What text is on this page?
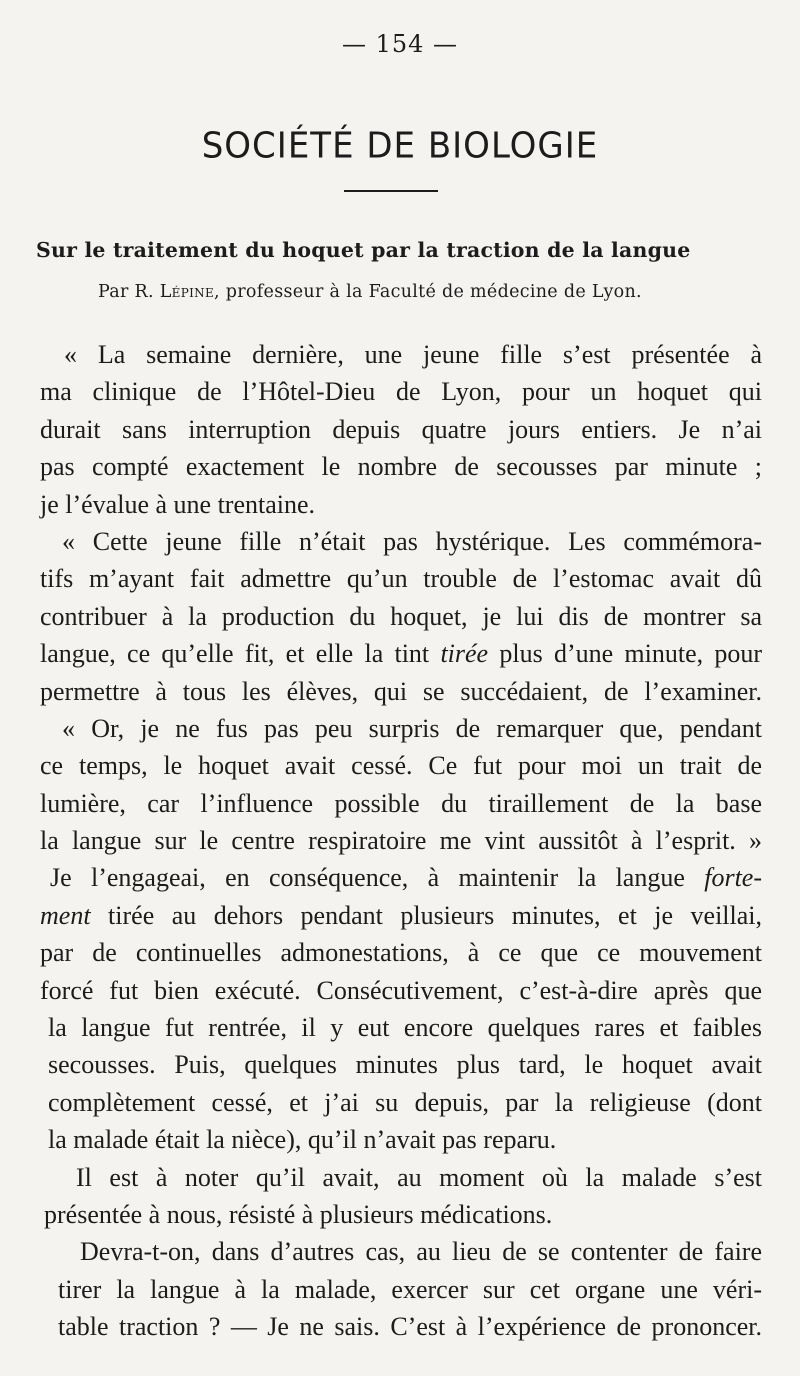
— 154 —
SOCIÉTÉ DE BIOLOGIE
Sur le traitement du hoquet par la traction de la langue
Par R. Lépine, professeur à la Faculté de médecine de Lyon.
« La semaine dernière, une jeune fille s’est présentée à
ma clinique de l’Hôtel-Dieu de Lyon, pour un hoquet qui
durait sans interruption depuis quatre jours entiers. Je n’ai
pas compté exactement le nombre de secousses par minute ;
je l’évalue à une trentaine.
« Cette jeune fille n’était pas hystérique. Les commémora-
tifs m’ayant fait admettre qu’un trouble de l’estomac avait dû
contribuer à la production du hoquet, je lui dis de montrer sa
langue, ce qu’elle fit, et elle la tint tirée plus d’une minute, pour
permettre à tous les élèves, qui se succédaient, de l’examiner.
« Or, je ne fus pas peu surpris de remarquer que, pendant
ce temps, le hoquet avait cessé. Ce fut pour moi un trait de
lumière, car l’influence possible du tiraillement de la base
la langue sur le centre respiratoire me vint aussitôt à l’esprit. »
Je l’engageai, en conséquence, à maintenir la langue forte-
ment tirée au dehors pendant plusieurs minutes, et je veillai,
par de continuelles admonestations, à ce que ce mouvement
forcé fut bien exécuté. Consécutivement, c’est-à-dire après que
la langue fut rentrée, il y eut encore quelques rares et faibles
secousses. Puis, quelques minutes plus tard, le hoquet avait
complètement cessé, et j’ai su depuis, par la religieuse (dont
la malade était la nièce), qu’il n’avait pas reparu.
Il est à noter qu’il avait, au moment où la malade s’est
présentée à nous, résisté à plusieurs médications.
Devra-t-on, dans d’autres cas, au lieu de se contenter de faire
tirer la langue à la malade, exercer sur cet organe une véri-
table traction ? — Je ne sais. C’est à l’expérience de prononcer.
